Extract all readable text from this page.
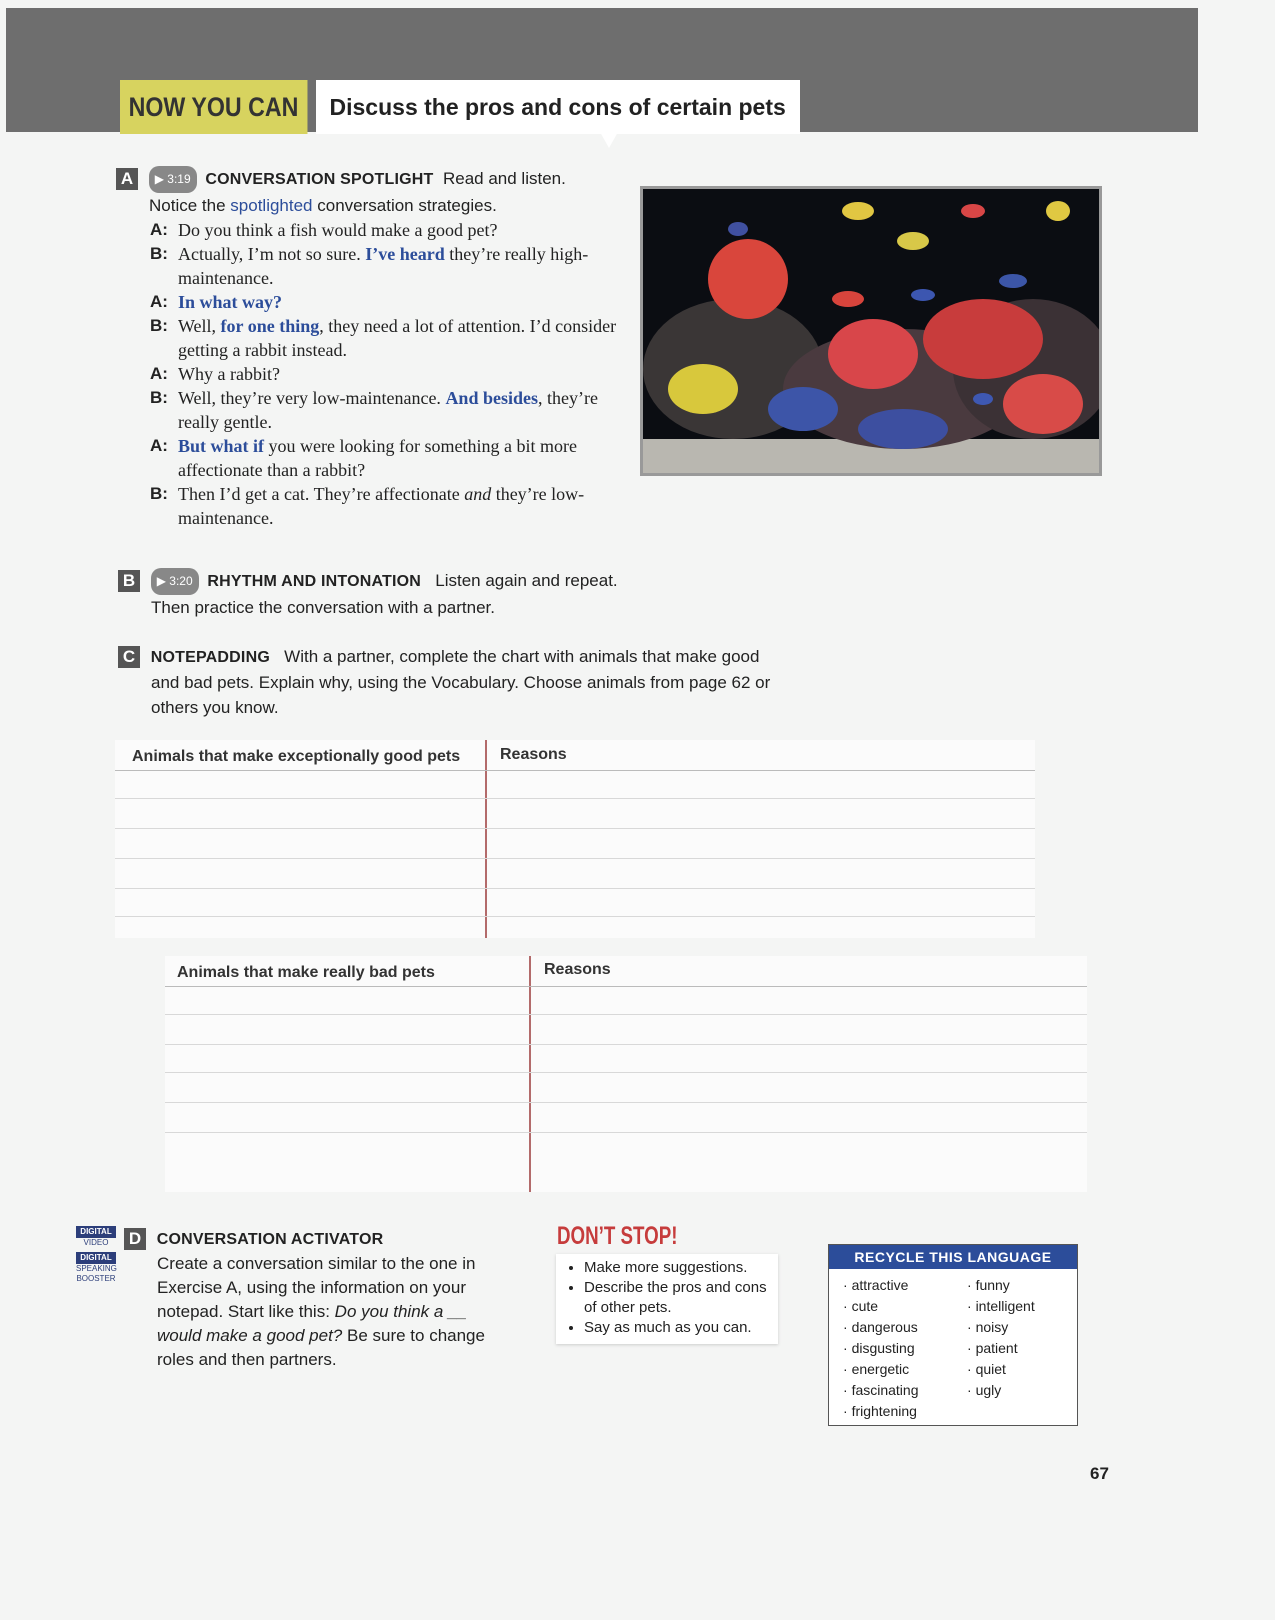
NOW YOU CAN	Discuss the pros and cons of certain pets
A ▶ 3:19 CONVERSATION SPOTLIGHT Read and listen.
Notice the spotlighted conversation strategies.
A: Do you think a fish would make a good pet?
B: Actually, I’m not so sure. I’ve heard they’re really high-maintenance.
A: In what way?
B: Well, for one thing, they need a lot of attention. I’d consider getting a rabbit instead.
A: Why a rabbit?
B: Well, they’re very low-maintenance. And besides, they’re really gentle.
A: But what if you were looking for something a bit more affectionate than a rabbit?
B: Then I’d get a cat. They’re affectionate and they’re low-maintenance.
B ▶ 3:20 RHYTHM AND INTONATION Listen again and repeat.
Then practice the conversation with a partner.
C NOTEPADDING With a partner, complete the chart with animals that make good
and bad pets. Explain why, using the Vocabulary. Choose animals from page 62 or
others you know.
Animals that make exceptionally good pets Reasons
Animals that make really bad pets	Reasons
DIGITAL
VIDEO
DIGITAL
SPEAKING
BOOSTER
D CONVERSATION ACTIVATOR
Create a conversation similar to the one in
Exercise A, using the information on your
notepad. Start like this: Do you think a __
would make a good pet? Be sure to change
roles and then partners.
DON’T STOP!
• Make more suggestions.
• Describe the pros and cons of other pets.
• Say as much as you can.
RECYCLE THIS LANGUAGE
· attractive
· cute
· dangerous
· disgusting
· energetic
· fascinating
· frightening
· funny
· intelligent
· noisy
· patient
· quiet
· ugly
67
